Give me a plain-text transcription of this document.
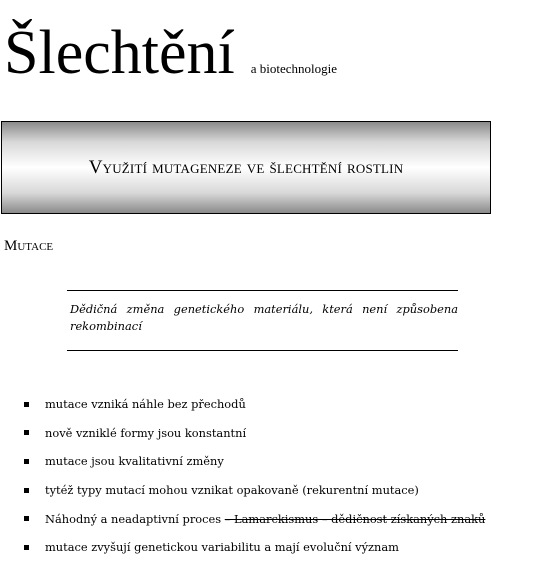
Šlechtění a biotechnologie
Využití mutageneze ve šlechtění rostlin
Mutace
Dědičná změna genetického materiálu, která není způsobena rekombinací
mutace vzniká náhle bez přechodů
nově vzniklé formy jsou konstantní
mutace jsou kvalitativní změny
tytéž typy mutací mohou vznikat opakovaně (rekurentní mutace)
Náhodný a neadaptivní proces – Lamarckismus – dědičnost získaných znaků
mutace zvyšují genetickou variabilitu a mají evoluční význam
